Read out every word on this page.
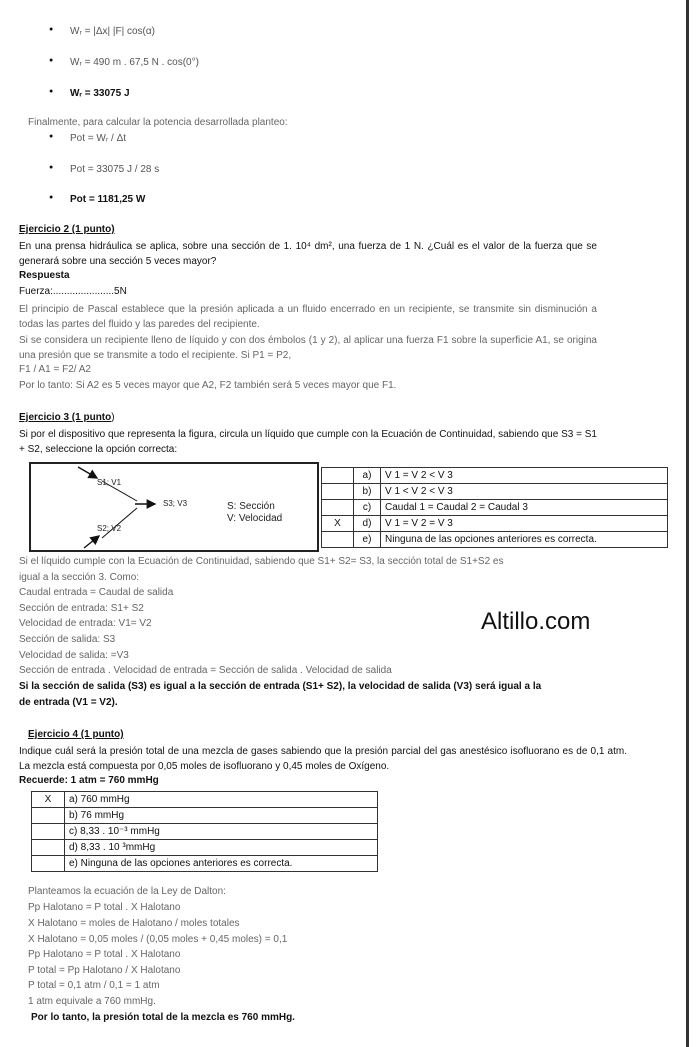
● Wᵣ = |Δx| |F| cos(α)
● Wᵣ = 490 m . 67,5 N . cos(0°)
● Wᵣ = 33075 J
Finalmente, para calcular la potencia desarrollada planteo:
● Pot = Wᵣ / Δt
● Pot = 33075 J / 28 s
● Pot = 1181,25 W
Ejercicio 2 (1 punto)
En una prensa hidráulica se aplica, sobre una sección de 1. 10⁴ dm², una fuerza de 1 N. ¿Cuál es el valor de la fuerza que se generará sobre una sección 5 veces mayor?
Respuesta
Fuerza:......................5N
El principio de Pascal establece que la presión aplicada a un fluido encerrado en un recipiente, se transmite sin disminución a todas las partes del fluido y las paredes del recipiente.
Si se considera un recipiente lleno de líquido y con dos émbolos (1 y 2), al aplicar una fuerza F1 sobre la superficie A1, se origina una presión que se transmite a todo el recipiente. Si P1 = P2,
F1 / A1 = F2/ A2
Por lo tanto: Si A2 es 5 veces mayor que A2, F2 también será 5 veces mayor que F1.
Ejercicio 3 (1 punto)
Si por el dispositivo que representa la figura, circula un líquido que cumple con la Ecuación de Continuidad, sabiendo que S3 = S1 + S2, seleccione la opción correcta:
S1; V1
S2; V2
S3; V3	S: Sección
V: Velocidad
	a)	V 1 = V 2 < V 3
	b)	V 1 < V 2 < V 3
	c)	Caudal 1 = Caudal 2 = Caudal 3
X	d)	V 1 = V 2 = V 3
	e)	Ninguna de las opciones anteriores es correcta.
Si el líquido cumple con la Ecuación de Continuidad, sabiendo que S1+ S2= S3, la sección total de S1+S2 es
igual a la sección 3. Como:
Caudal entrada = Caudal de salida
Sección de entrada: S1+ S2
Velocidad de entrada: V1= V2
Sección de salida: S3
Velocidad de salida: =V3
Sección de entrada . Velocidad de entrada = Sección de salida . Velocidad de salida
Si la sección de salida (S3) es igual a la sección de entrada (S1+ S2), la velocidad de salida (V3) será igual a la
de entrada (V1 = V2).
Altillo.com
Ejercicio 4 (1 punto)
Indique cuál será la presión total de una mezcla de gases sabiendo que la presión parcial del gas anestésico isofluorano es de 0,1 atm. La mezcla está compuesta por 0,05 moles de isofluorano y 0,45 moles de Oxígeno.
Recuerde: 1 atm = 760 mmHg
X	a) 760 mmHg
	b) 76 mmHg
	c) 8,33 . 10⁻³ mmHg
	d) 8,33 . 10 ³mmHg
	e) Ninguna de las opciones anteriores es correcta.
Planteamos la ecuación de la Ley de Dalton:
Pp Halotano = P total . X Halotano
X Halotano = moles de Halotano / moles totales
X Halotano = 0,05 moles / (0,05 moles + 0,45 moles) = 0,1
Pp Halotano = P total . X Halotano
P total = Pp Halotano / X Halotano
P total = 0,1 atm / 0,1 = 1 atm
1 atm equivale a 760 mmHg.
Por lo tanto, la presión total de la mezcla es 760 mmHg.
